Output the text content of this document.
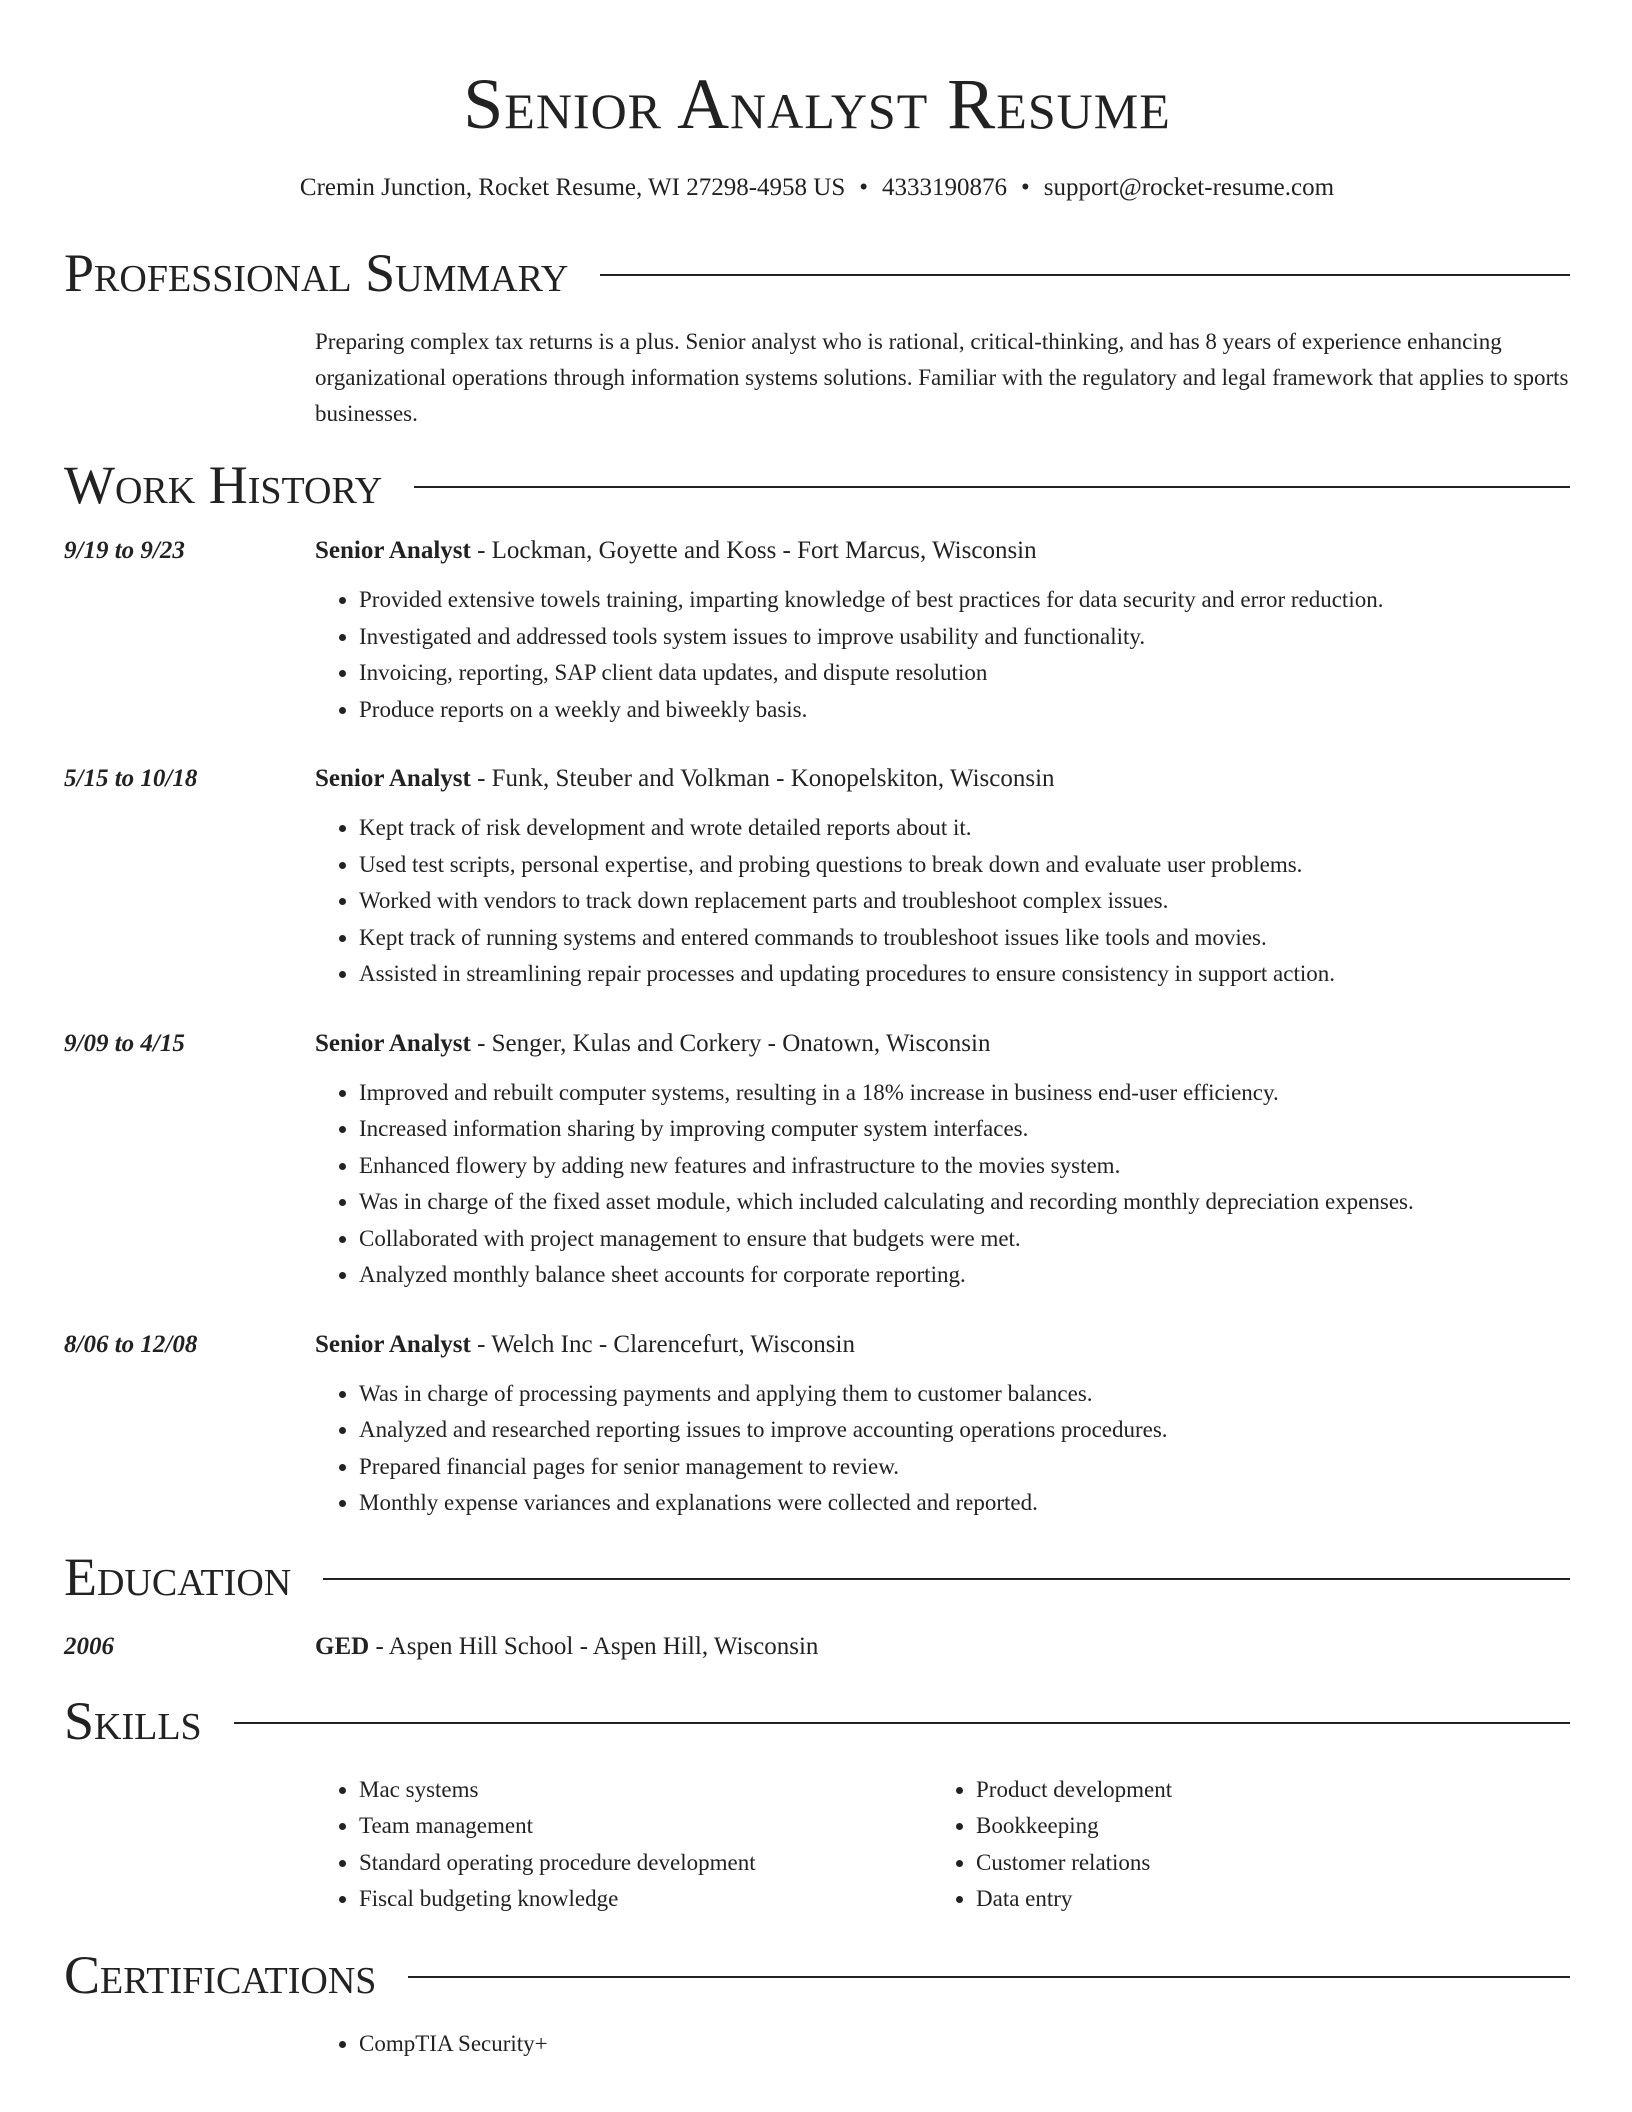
Senior Analyst Resume
Cremin Junction, Rocket Resume, WI 27298-4958 US • 4333190876 • support@rocket-resume.com
Professional Summary
Preparing complex tax returns is a plus. Senior analyst who is rational, critical-thinking, and has 8 years of experience enhancing organizational operations through information systems solutions. Familiar with the regulatory and legal framework that applies to sports businesses.
Work History
9/19 to 9/23	Senior Analyst - Lockman, Goyette and Koss - Fort Marcus, Wisconsin
• Provided extensive towels training, imparting knowledge of best practices for data security and error reduction.
• Investigated and addressed tools system issues to improve usability and functionality.
• Invoicing, reporting, SAP client data updates, and dispute resolution
• Produce reports on a weekly and biweekly basis.
5/15 to 10/18	Senior Analyst - Funk, Steuber and Volkman - Konopelskiton, Wisconsin
• Kept track of risk development and wrote detailed reports about it.
• Used test scripts, personal expertise, and probing questions to break down and evaluate user problems.
• Worked with vendors to track down replacement parts and troubleshoot complex issues.
• Kept track of running systems and entered commands to troubleshoot issues like tools and movies.
• Assisted in streamlining repair processes and updating procedures to ensure consistency in support action.
9/09 to 4/15	Senior Analyst - Senger, Kulas and Corkery - Onatown, Wisconsin
• Improved and rebuilt computer systems, resulting in a 18% increase in business end-user efficiency.
• Increased information sharing by improving computer system interfaces.
• Enhanced flowery by adding new features and infrastructure to the movies system.
• Was in charge of the fixed asset module, which included calculating and recording monthly depreciation expenses.
• Collaborated with project management to ensure that budgets were met.
• Analyzed monthly balance sheet accounts for corporate reporting.
8/06 to 12/08	Senior Analyst - Welch Inc - Clarencefurt, Wisconsin
• Was in charge of processing payments and applying them to customer balances.
• Analyzed and researched reporting issues to improve accounting operations procedures.
• Prepared financial pages for senior management to review.
• Monthly expense variances and explanations were collected and reported.
Education
2006	GED - Aspen Hill School - Aspen Hill, Wisconsin
Skills
• Mac systems
• Team management
• Standard operating procedure development
• Fiscal budgeting knowledge
• Product development
• Bookkeeping
• Customer relations
• Data entry
Certifications
• CompTIA Security+
